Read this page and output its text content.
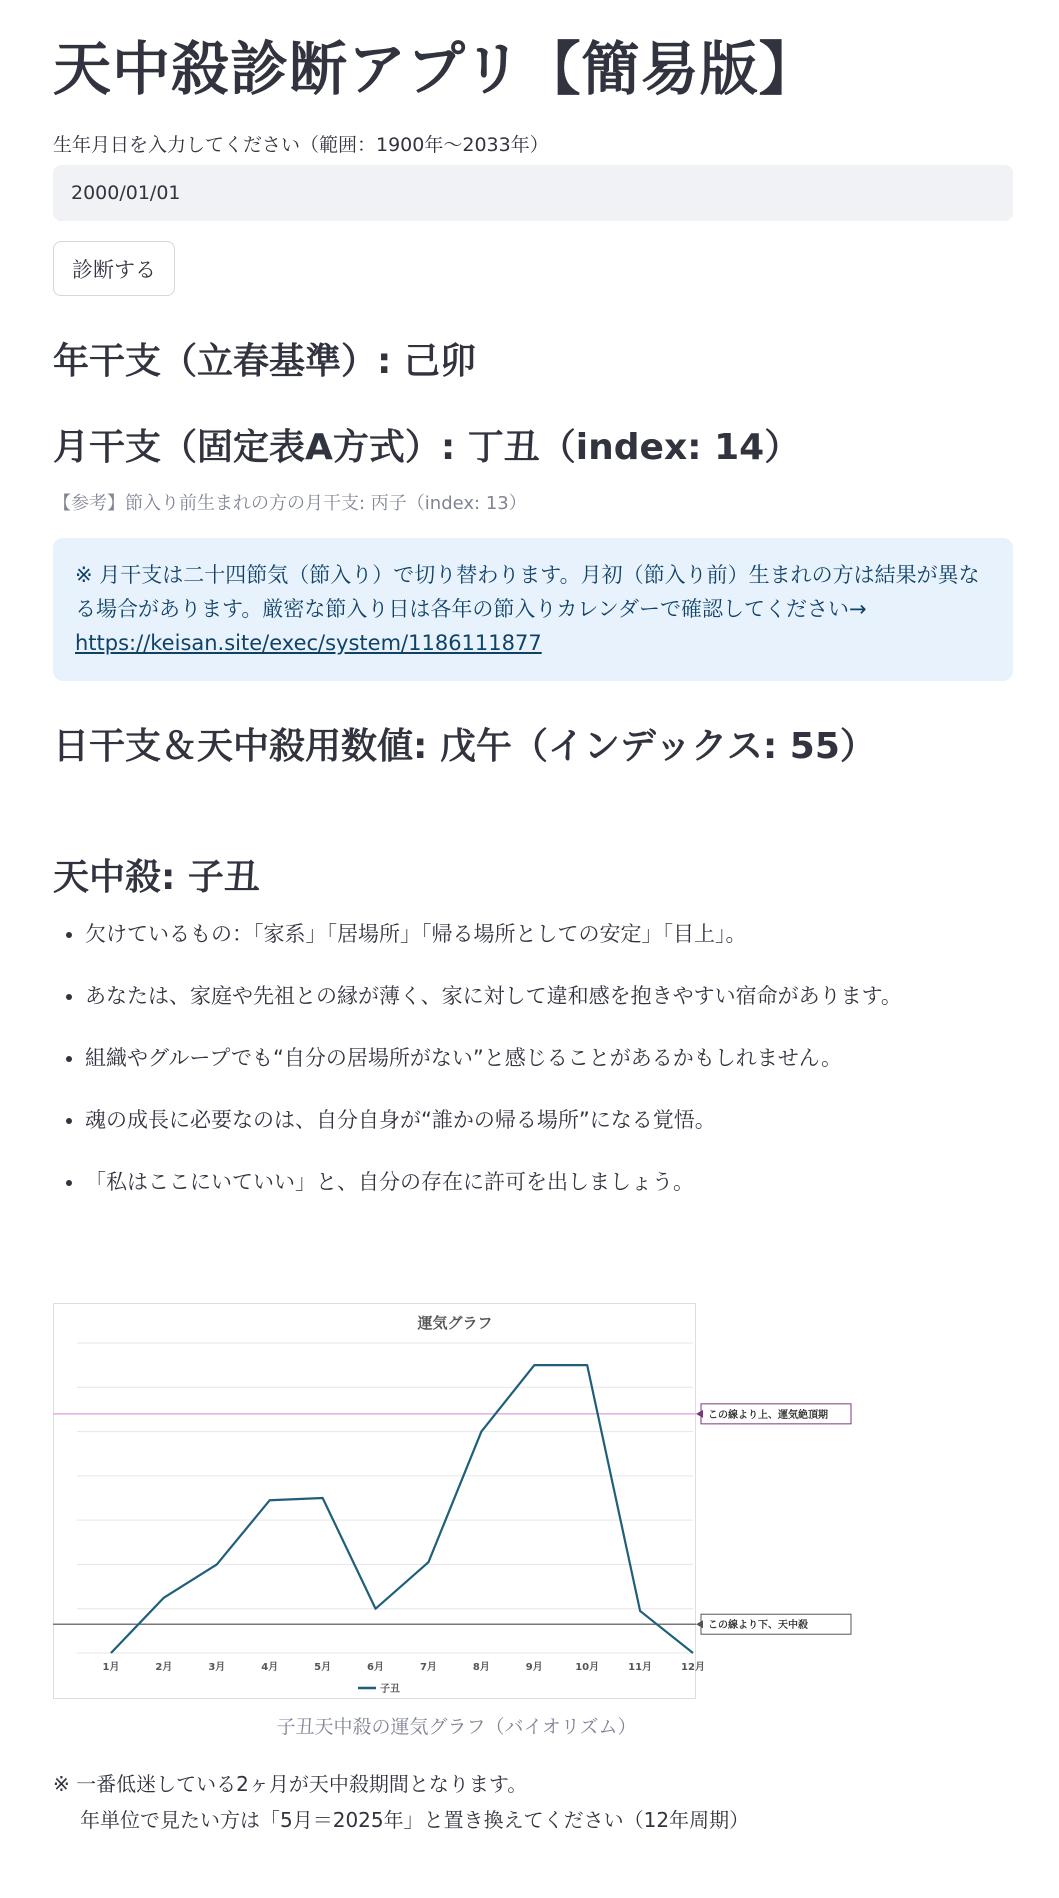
天中殺診断アプリ【簡易版】
生年月日を入力してください（範囲：1900年〜2033年）
2000/01/01
診断する
年干支（立春基準）: 己卯
月干支（固定表A方式）: 丁丑（index: 14）
【参考】節入り前生まれの方の月干支: 丙子（index: 13）
※ 月干支は二十四節気（節入り）で切り替わります。月初（節入り前）生まれの方は結果が異なる場合があります。厳密な節入り日は各年の節入りカレンダーで確認してください→
https://keisan.site/exec/system/1186111877
日干支＆天中殺用数値: 戊午（インデックス: 55）
天中殺: 子丑
• 欠けているもの：「家系」「居場所」「帰る場所としての安定」「目上」。
• あなたは、家庭や先祖との縁が薄く、家に対して違和感を抱きやすい宿命があります。
• 組織やグループでも“自分の居場所がない”と感じることがあるかもしれません。
• 魂の成長に必要なのは、自分自身が“誰かの帰る場所”になる覚悟。
• 「私はここにいていい」と、自分の存在に許可を出しましょう。
運気グラフ
この線より上、運気絶頂期
この線より下、天中殺
1月	2月	3月	4月	5月	6月	7月	8月	9月	10月	11月	12月
子丑
子丑天中殺の運気グラフ（バイオリズム）
※ 一番低迷している2ヶ月が天中殺期間となります。
年単位で見たい方は「5月＝2025年」と置き換えてください（12年周期）
